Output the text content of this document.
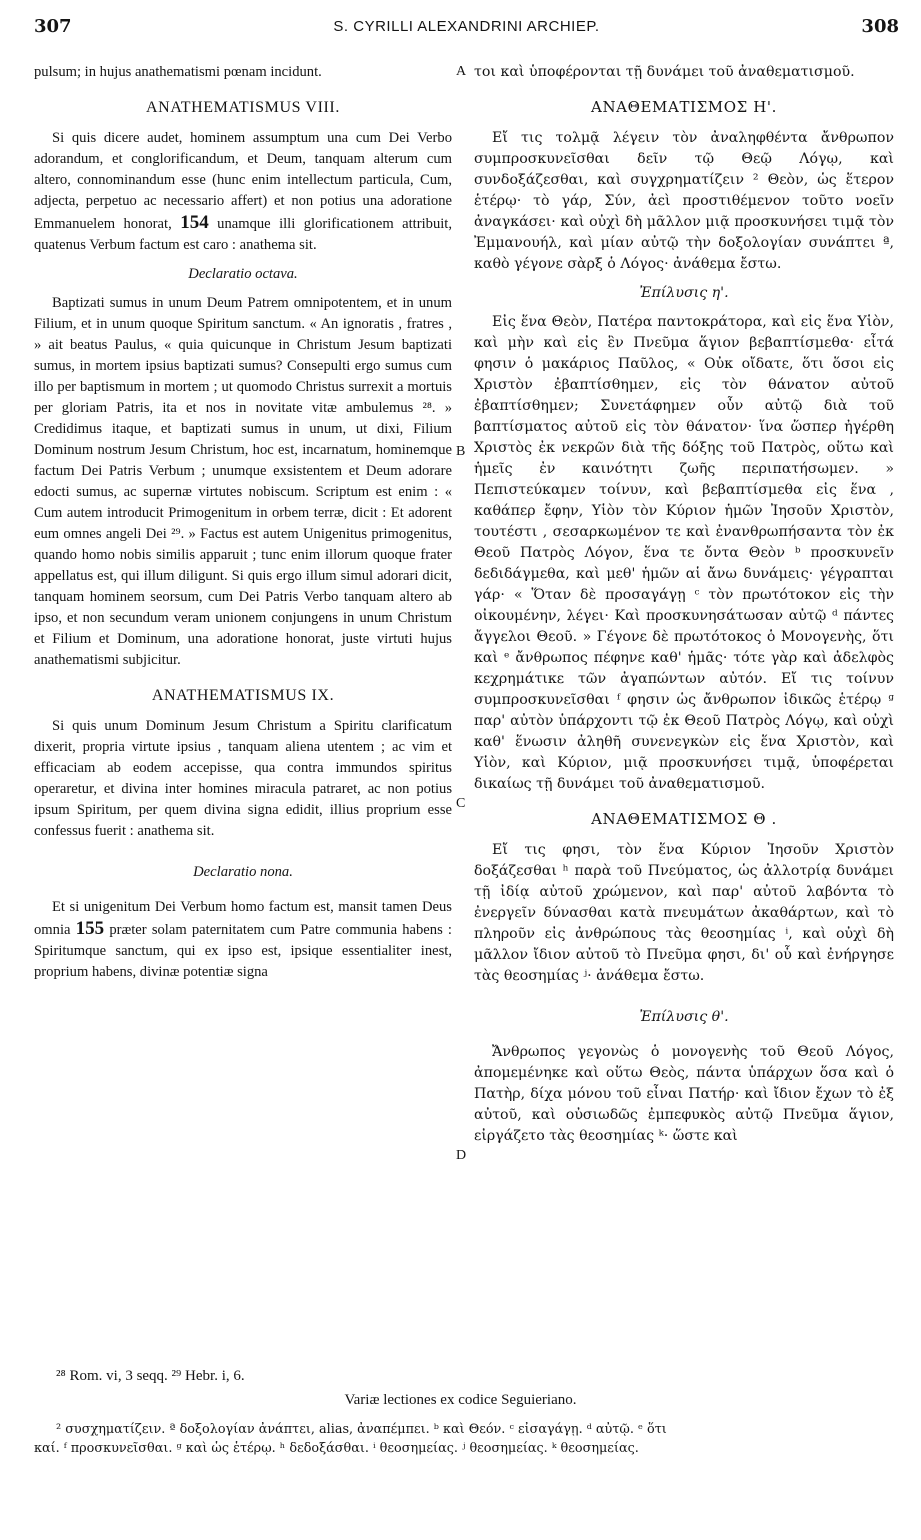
307	S. CYRILLI ALEXANDRINI ARCHIEP.	308

pulsum; in hujus anathematismi pœnam incidunt.

ANATHEMATISMUS VIII.

Si quis dicere audet, hominem assumptum una cum Dei Verbo adorandum, et conglorificandum, et Deum, tanquam alterum cum altero, connominandum esse (hunc enim intellectum particula, Cum, adjecta, perpetuo ac necessario affert) et non potius una adoratione Emmanuelem honorat, 154 unamque illi glorificationem attribuit, quatenus Verbum factum est caro : anathema sit.

Declaratio octava.

Baptizati sumus in unum Deum Patrem omnipotentem, et in unum Filium, et in unum quoque Spiritum sanctum. « An ignoratis , fratres , » ait beatus Paulus, « quia quicunque in Christum Jesum baptizati sumus, in mortem ipsius baptizati sumus? Consepulti ergo sumus cum illo per baptismum in mortem ; ut quomodo Christus surrexit a mortuis per gloriam Patris, ita et nos in novitate vitæ ambulemus ²⁸. » Credidimus itaque, et baptizati sumus in unum, ut dixi, Filium Dominum nostrum Jesum Christum, hoc est, incarnatum, hominemque factum Dei Patris Verbum ; unumque exsistentem et Deum adorare edocti sumus, ac supernæ virtutes nobiscum. Scriptum est enim : « Cum autem introducit Primogenitum in orbem terræ, dicit : Et adorent eum omnes angeli Dei ²⁹. » Factus est autem Unigenitus primogenitus, quando homo nobis similis apparuit ; tunc enim illorum quoque frater appellatus est, qui illum diligunt. Si quis ergo illum simul adorari dicit, tanquam hominem seorsum, cum Dei Patris Verbo tanquam altero ab ipso, et non secundum veram unionem conjungens in unum Christum et Filium et Dominum, una adoratione honorat, juste virtuti hujus anathematismi subjicitur.

ANATHEMATISMUS IX.

Si quis unum Dominum Jesum Christum a Spiritu clarificatum dixerit, propria virtute ipsius , tanquam aliena utentem ; ac vim et efficaciam ab eodem accepisse, qua contra immundos spiritus operaretur, et divina inter homines miracula patraret, ac non potius ipsum Spiritum, per quem divina signa edidit, illius proprium esse confessus fuerit : anathema sit.

Declaratio nona.

Et si unigenitum Dei Verbum homo factum est, mansit tamen Deus omnia 155 præter solam paternitatem cum Patre communia habens : Spiritumque sanctum, qui ex ipso est, ipsique essentialiter inest, proprium habens, divinæ potentiæ signa

A
B
C
D

τοι καὶ ὑποφέρονται τῇ δυνάμει τοῦ ἀναθεματισμοῦ.

ΑΝΑΘΕΜΑΤΙΣΜΟΣ Η'.

Εἴ τις τολμᾷ λέγειν τὸν ἀναληφθέντα ἄνθρωπον συμπροσκυνεῖσθαι δεῖν τῷ Θεῷ Λόγῳ, καὶ συνδοξάζεσθαι, καὶ συγχρηματίζειν ² Θεὸν, ὡς ἕτερον ἑτέρῳ· τὸ γάρ, Σύν, ἀεὶ προστιθέμενον τοῦτο νοεῖν ἀναγκάσει· καὶ οὐχὶ δὴ μᾶλλον μιᾷ προσκυνήσει τιμᾷ τὸν Ἐμμανουήλ, καὶ μίαν αὐτῷ τὴν δοξολογίαν συνάπτει ª, καθὸ γέγονε σὰρξ ὁ Λόγος· ἀνάθεμα ἔστω.

Ἐπίλυσις η'.

Εἰς ἕνα Θεὸν, Πατέρα παντοκράτορα, καὶ εἰς ἕνα Υἱὸν, καὶ μὴν καὶ εἰς ἓν Πνεῦμα ἅγιον βεβαπτίσμεθα· εἶτά φησιν ὁ μακάριος Παῦλος, « Οὐκ οἴδατε, ὅτι ὅσοι εἰς Χριστὸν ἐβαπτίσθημεν, εἰς τὸν θάνατον αὐτοῦ ἐβαπτίσθημεν; Συνετάφημεν οὖν αὐτῷ διὰ τοῦ βαπτίσματος αὐτοῦ εἰς τὸν θάνατον· ἵνα ὥσπερ ἠγέρθη Χριστὸς ἐκ νεκρῶν διὰ τῆς δόξης τοῦ Πατρὸς, οὕτω καὶ ἡμεῖς ἐν καινότητι ζωῆς περιπατήσωμεν. » Πεπιστεύκαμεν τοίνυν, καὶ βεβαπτίσμεθα εἰς ἕνα , καθάπερ ἔφην, Υἱὸν τὸν Κύριον ἡμῶν Ἰησοῦν Χριστὸν, τουτέστι , σεσαρκωμένον τε καὶ ἐνανθρωπήσαντα τὸν ἐκ Θεοῦ Πατρὸς Λόγον, ἕνα τε ὄντα Θεὸν ᵇ προσκυνεῖν δεδιδάγμεθα, καὶ μεθ' ἡμῶν αἱ ἄνω δυνάμεις· γέγραπται γάρ· « Ὅταν δὲ προσαγάγῃ ᶜ τὸν πρωτότοκον εἰς τὴν οἰκουμένην, λέγει· Καὶ προσκυνησάτωσαν αὐτῷ ᵈ πάντες ἄγγελοι Θεοῦ. » Γέγονε δὲ πρωτότοκος ὁ Μονογενὴς, ὅτι καὶ ᵉ ἄνθρωπος πέφηνε καθ' ἡμᾶς· τότε γὰρ καὶ ἀδελφὸς κεχρημάτικε τῶν ἀγαπώντων αὐτόν. Εἴ τις τοίνυν συμπροσκυνεῖσθαι ᶠ φησιν ὡς ἄνθρωπον ἰδικῶς ἑτέρῳ ᵍ παρ' αὐτὸν ὑπάρχοντι τῷ ἐκ Θεοῦ Πατρὸς Λόγῳ, καὶ οὐχὶ καθ' ἕνωσιν ἀληθῆ συνενεγκὼν εἰς ἕνα Χριστὸν, καὶ Υἱὸν, καὶ Κύριον, μιᾷ προσκυνήσει τιμᾷ, ὑποφέρεται δικαίως τῇ δυνάμει τοῦ ἀναθεματισμοῦ.

ΑΝΑΘΕΜΑΤΙΣΜΟΣ Θ .

Εἴ τις φησι, τὸν ἕνα Κύριον Ἰησοῦν Χριστὸν δοξάζεσθαι ʰ παρὰ τοῦ Πνεύματος, ὡς ἀλλοτρίᾳ δυνάμει τῇ ἰδίᾳ αὐτοῦ χρώμενον, καὶ παρ' αὐτοῦ λαβόντα τὸ ἐνεργεῖν δύνασθαι κατὰ πνευμάτων ἀκαθάρτων, καὶ τὸ πληροῦν εἰς ἀνθρώπους τὰς θεοσημίας ⁱ, καὶ οὐχὶ δὴ μᾶλλον ἴδιον αὐτοῦ τὸ Πνεῦμα φησι, δι' οὗ καὶ ἐνήργησε τὰς θεοσημίας ʲ· ἀνάθεμα ἔστω.

Ἐπίλυσις θ'.

Ἄνθρωπος γεγονὼς ὁ μονογενὴς τοῦ Θεοῦ Λόγος, ἀπομεμένηκε καὶ οὕτω Θεὸς, πάντα ὑπάρχων ὅσα καὶ ὁ Πατὴρ, δίχα μόνου τοῦ εἶναι Πατήρ· καὶ ἴδιον ἔχων τὸ ἐξ αὐτοῦ, καὶ οὐσιωδῶς ἐμπεφυκὸς αὐτῷ Πνεῦμα ἅγιον, εἰργάζετο τὰς θεοσημίας ᵏ· ὥστε καὶ

²⁸ Rom. vi, 3 seqq. ²⁹ Hebr. i, 6.
Variæ lectiones ex codice Seguieriano.
² συσχηματίζειν. ª δοξολογίαν ἀνάπτει, alias, ἀναπέμπει. ᵇ καὶ Θεόν. ᶜ εἰσαγάγῃ. ᵈ αὐτῷ. ᵉ ὅτι
καί. ᶠ προσκυνεῖσθαι. ᵍ καὶ ὡς ἑτέρῳ. ʰ δεδοξάσθαι. ⁱ θεοσημείας. ʲ θεοσημείας. ᵏ θεοσημείας.
